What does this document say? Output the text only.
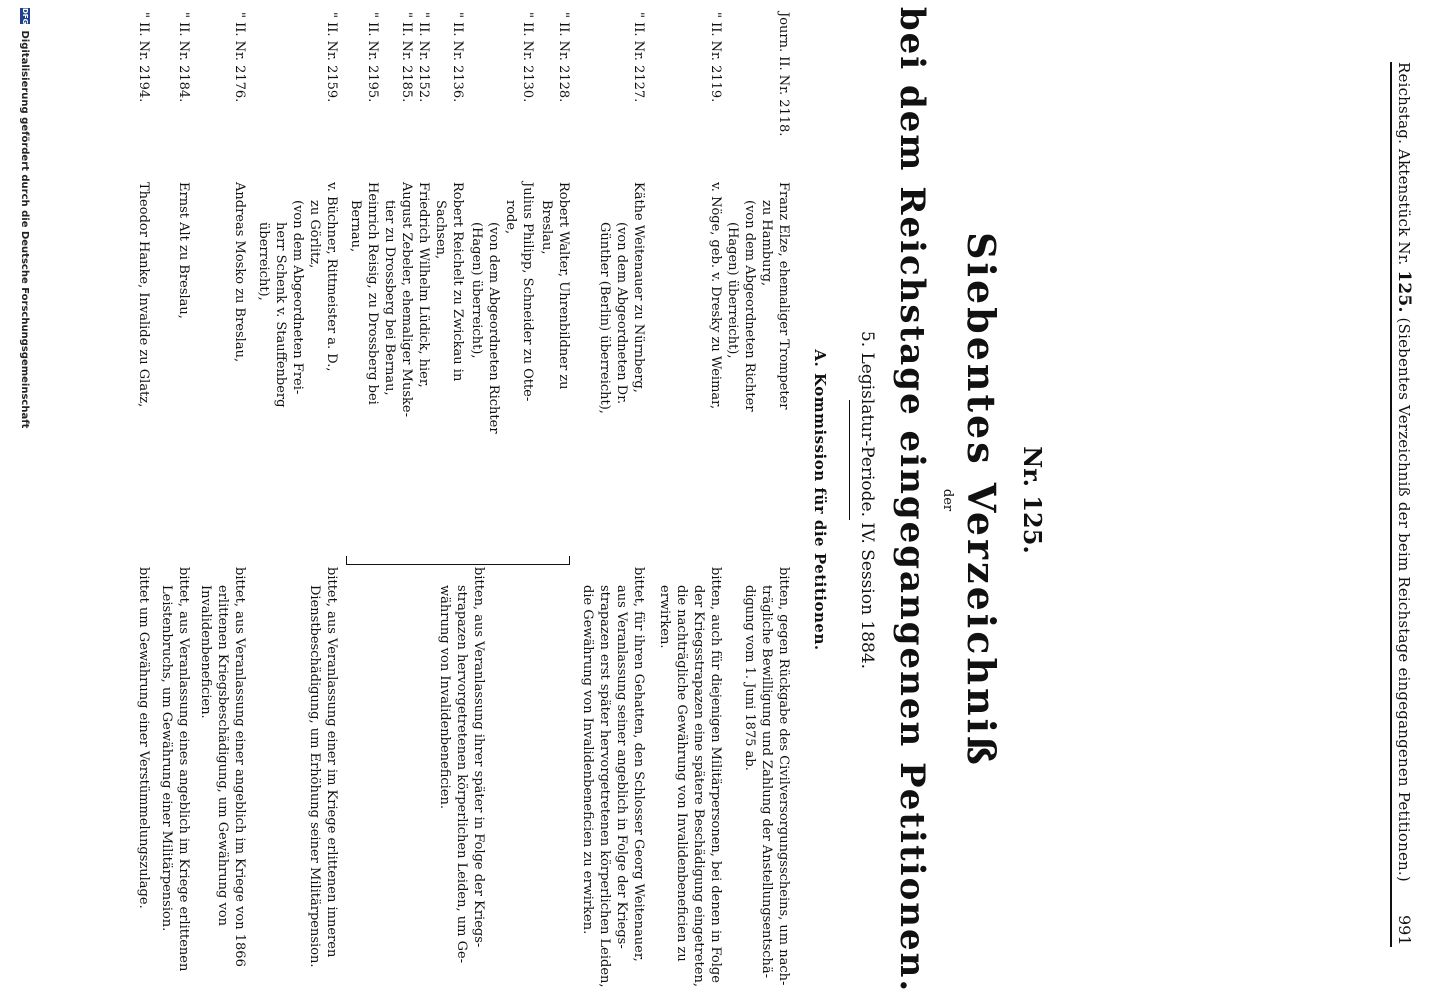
Reichstag. Aktenstück Nr. 125. (Siebentes Verzeichniß der beim Reichstage eingegangenen Petitionen.)
991
Nr. 125.
Siebentes Verzeichniß
der
bei dem Reichstage eingegangenen Petitionen.
5. Legislatur-Periode. IV. Session 1884.
A. Kommission für die Petitionen.
Journ. II. Nr. 2118.
Franz Elze, ehemaliger Trompeter
zu Hamburg,
(von dem Abgeordneten Richter
(Hagen) überreicht),
bitten, gegen Rückgabe des Civilversorgungsscheins, um nach-
trägliche Bewilligung und Zahlung der Anstellungsentschä-
digung vom 1. Juni 1875 ab.
" II. Nr. 2119.
v. Nöge, geb. v. Dresky zu Weimar,
bitten, auch für diejenigen Militärpersonen, bei denen in Folge
der Kriegsstrapazen eine spätere Beschädigung eingetreten,
die nachträgliche Gewährung von Invalidenbeneficien zu
erwirken.
" II. Nr. 2127.
Käthe Weitenauer zu Nürnberg,
(von dem Abgeordneten Dr.
Günther (Berlin) überreicht),
bittet, für ihren Gehatten, den Schlosser Georg Weitenauer,
aus Veranlassung seiner angeblich in Folge der Kriegs-
strapazen erst später hervorgetretenen körperlichen Leiden,
die Gewährung von Invalidenbeneficien zu erwirken.
" II. Nr. 2128.
Robert Walter, Uhrenbildner zu
Breslau,
" II. Nr. 2130.
Julius Philipp, Schneider zu Otte-
rode,
(von dem Abgeordneten Richter
(Hagen) überreicht),
" II. Nr. 2136.
Robert Reichelt zu Zwickau in
Sachsen,
" II. Nr. 2152.
Friedrich Wilhelm Lüdick, hier,
" II. Nr. 2185.
August Zebeler, ehemaliger Muske-
tier zu Drossberg bei Bernau,
" II. Nr. 2195.
Heinrich Reisig, zu Drossberg bei
Bernau,
bitten, aus Veranlassung ihrer später in Folge der Kriegs-
strapazen hervorgetretenen körperlichen Leiden, um Ge-
währung von Invalidenbeneficien.
" II. Nr. 2159.
v. Büchner, Rittmeister a. D.,
zu Görlitz,
(von dem Abgeordneten Frei-
herr Schenk v. Stauffenberg
überreicht),
bittet, aus Veranlassung einer im Kriege erlittenen inneren
Dienstbeschädigung, um Erhöhung seiner Militärpension.
" II. Nr. 2176.
Andreas Mosko zu Breslau,
bittet, aus Veranlassung einer angeblich im Kriege von 1866
erlittenen Kriegsbeschädigung, um Gewährung von
Invalidenbeneficien.
" II. Nr. 2184.
Ernst Alt zu Breslau,
bittet, aus Veranlassung eines angeblich im Kriege erlittenen
Leistenbruchs, um Gewährung einer Militärpension.
" II. Nr. 2194.
Theodor Hanke, Invalide zu Glatz,
bittet um Gewährung einer Verstümmelungszulage.
DFG Digitalisierung gefördert durch die Deutsche Forschungsgemeinschaft
